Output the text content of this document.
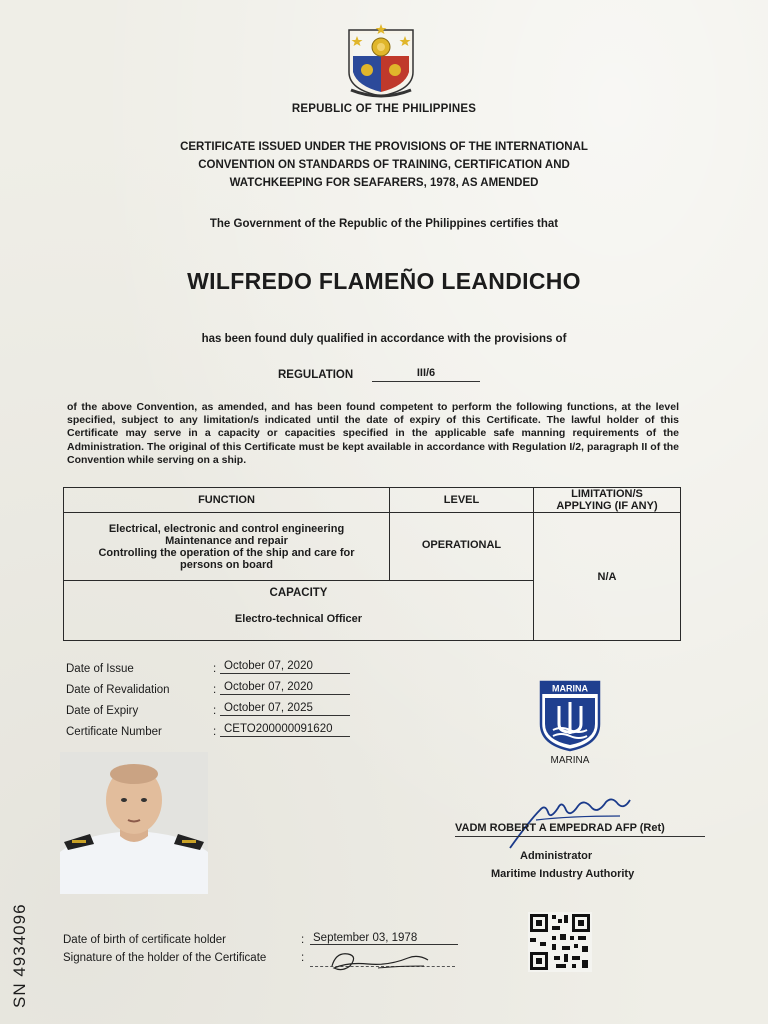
REPUBLIC OF THE PHILIPPINES
CERTIFICATE ISSUED UNDER THE PROVISIONS OF THE INTERNATIONAL
CONVENTION ON STANDARDS OF TRAINING, CERTIFICATION AND
WATCHKEEPING FOR SEAFARERS, 1978, AS AMENDED
The Government of the Republic of the Philippines certifies that
WILFREDO FLAMEÑO LEANDICHO
has been found duly qualified in accordance with the provisions of
REGULATION	III/6
of the above Convention, as amended, and has been found competent to perform the following functions, at the level specified, subject to any limitation/s indicated until the date of expiry of this Certificate. The lawful holder of this Certificate may serve in a capacity or capacities specified in the applicable safe manning requirements of the Administration. The original of this Certificate must be kept available in accordance with Regulation I/2, paragraph II of the Convention while serving on a ship.
FUNCTION	LEVEL	LIMITATION/S
APPLYING (IF ANY)

Electrical, electronic and control engineering
Maintenance and repair
Controlling the operation of the ship and care for
persons on board	OPERATIONAL	N/A

CAPACITY
Electro-technical Officer		
Date of Issue	: October 07, 2020
Date of Revalidation	: October 07, 2020
Date of Expiry	: October 07, 2025
Certificate Number	: CETO200000091620
MARINA
MARINA
VADM ROBERT A EMPEDRAD AFP (Ret)
Administrator
Maritime Industry Authority
Date of birth of certificate holder	: September 03, 1978
Signature of the holder of the Certificate	:
SN 4934096
